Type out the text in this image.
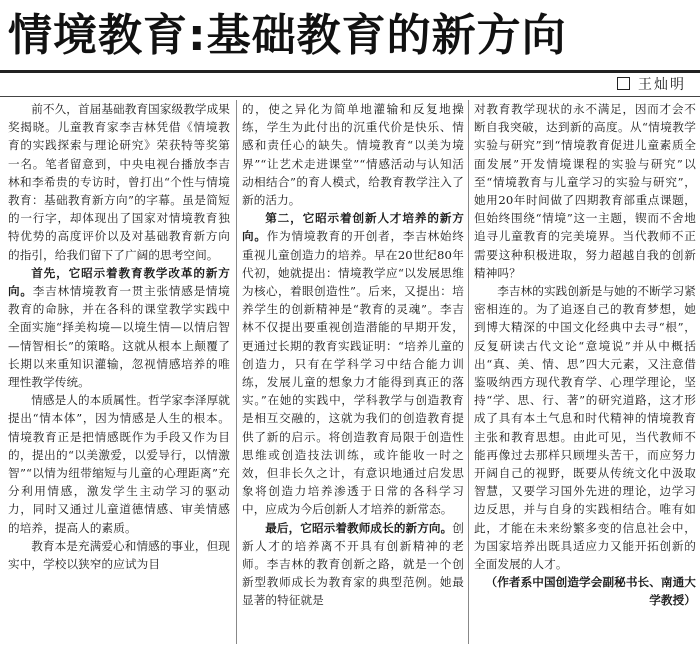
情境教育:基础教育的新方向
王灿明

前不久，首届基础教育国家级教学成果奖揭晓。儿童教育家李吉林凭借《情境教育的实践探索与理论研究》荣获特等奖第一名。笔者留意到，中央电视台播放李吉林和李希贵的专访时，曾打出“个性与情境教育：基础教育新方向”的字幕。虽是简短的一行字，却体现出了国家对情境教育独特优势的高度评价以及对基础教育新方向的指引，给我们留下了广阔的思考空间。

首先，它昭示着教育教学改革的新方向。李吉林情境教育一贯主张情感是情境教育的命脉，并在各科的课堂教学实践中全面实施“择美构境—以境生情—以情启智—情智相长”的策略。这就从根本上颠覆了长期以来重知识灌输，忽视情感培养的唯理性教学传统。

情感是人的本质属性。哲学家李泽厚就提出“情本体”，因为情感是人生的根本。情境教育正是把情感既作为手段又作为目的，提出的“以美激爱，以爱导行，以情激智”“以情为纽带缩短与儿童的心理距离”充分利用情感，激发学生主动学习的驱动力，同时又通过儿童道德情感、审美情感的培养，提高人的素质。

教育本是充满爱心和情感的事业，但现实中，学校以狭窄的应试为目

的，使之异化为简单地灌输和反复地操练，学生为此付出的沉重代价是快乐、情感和责任心的缺失。情境教育“以美为境界”“让艺术走进课堂”“情感活动与认知活动相结合”的育人模式，给教育教学注入了新的活力。

第二，它昭示着创新人才培养的新方向。作为情境教育的开创者，李吉林始终重视儿童创造力的培养。早在20世纪80年代初，她就提出：情境教学应“以发展思维为核心，着眼创造性”。后来，又提出：培养学生的创新精神是“教育的灵魂”。李吉林不仅提出要重视创造潜能的早期开发，更通过长期的教育实践证明：“培养儿童的创造力，只有在学科学习中结合能力训练，发展儿童的想象力才能得到真正的落实。”在她的实践中，学科教学与创造教育是相互交融的，这就为我们的创造教育提供了新的启示。将创造教育局限于创造性思维或创造技法训练，或许能收一时之效，但非长久之计，有意识地通过启发思象将创造力培养渗透于日常的各科学习中，应成为今后创新人才培养的新常态。

最后，它昭示着教师成长的新方向。创新人才的培养离不开具有创新精神的老师。李吉林的教育创新之路，就是一个创新型教师成长为教育家的典型范例。她最显著的特征就是

对教育教学现状的永不满足，因而才会不断自我突破，达到新的高度。从“情境教学实验与研究”到“情境教育促进儿童素质全面发展”开发情境课程的实验与研究”以至“情境教育与儿童学习的实验与研究”，她用20年时间做了四期教育部重点课题，但始终围绕“情境”这一主题，锲而不舍地追寻儿童教育的完美境界。当代教师不正需要这种积极进取，努力超越自我的创新精神吗？

李吉林的实践创新是与她的不断学习紧密相连的。为了追逐自己的教育梦想，她到博大精深的中国文化经典中去寻“根”，反复研读古代文论“意境说”并从中概括出“真、美、情、思”四大元素，又注意借鉴吸纳西方现代教育学、心理学理论，坚持“学、思、行、著”的研究道路，这才形成了具有本土气息和时代精神的情境教育主张和教育思想。由此可见，当代教师不能再像过去那样只顾埋头苦干，而应努力开阔自己的视野，既要从传统文化中汲取智慧，又要学习国外先进的理论，边学习边反思，并与自身的实践相结合。唯有如此，才能在未来纷繁多变的信息社会中，为国家培养出既具适应力又能开拓创新的全面发展的人才。

（作者系中国创造学会副秘书长、南通大学教授）
